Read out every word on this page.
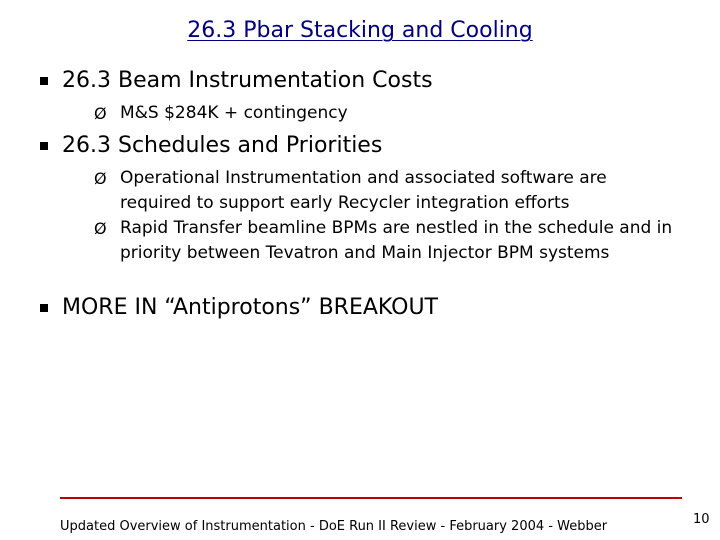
26.3 Pbar Stacking and Cooling
26.3 Beam Instrumentation Costs
Ø M&S $284K + contingency
26.3 Schedules and Priorities
Ø Operational Instrumentation and associated software are required to support early Recycler integration efforts
Ø Rapid Transfer beamline BPMs are nestled in the schedule and in priority between Tevatron and Main Injector BPM systems
MORE IN “Antiprotons” BREAKOUT
Updated Overview of Instrumentation - DoE Run II Review - February 2004 - Webber	10
